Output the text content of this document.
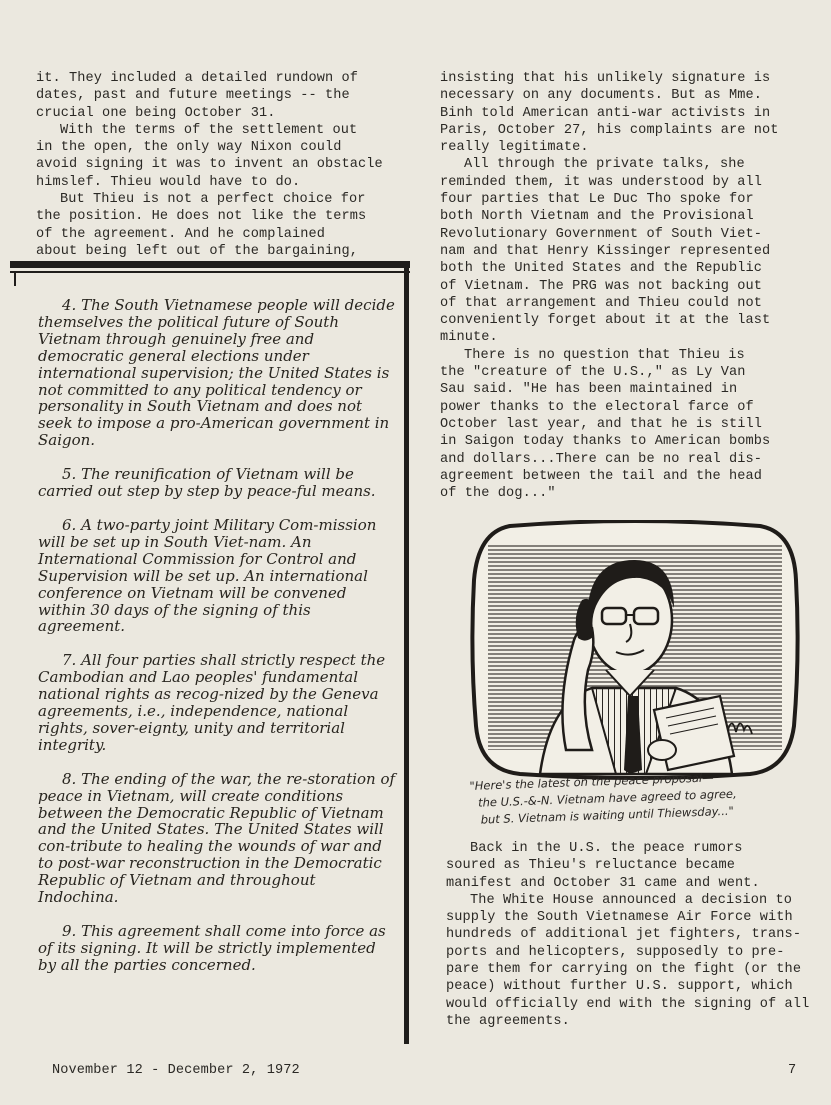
it. They included a detailed rundown of

dates, past and future meetings -- the

crucial one being October 31.

With the terms of the settlement out

in the open, the only way Nixon could

avoid signing it was to invent an obstacle

himslef. Thieu would have to do.

But Thieu is not a perfect choice for

the position. He does not like the terms

of the agreement. And he complained

about being left out of the bargaining,

4. The South Vietnamese people will decide themselves the political future of South Vietnam through genuinely free and democratic general elections under international supervision; the United States is not committed to any political tendency or personality in South Vietnam and does not seek to impose a pro-American government in Saigon.

5. The reunification of Vietnam will be carried out step by step by peace-ful means.

6. A two-party joint Military Com-mission will be set up in South Viet-nam. An International Commission for Control and Supervision will be set up. An international conference on Vietnam will be convened within 30 days of the signing of this agreement.

7. All four parties shall strictly respect the Cambodian and Lao peoples' fundamental national rights as recog-nized by the Geneva agreements, i.e., independence, national rights, sover-eignty, unity and territorial integrity.

8. The ending of the war, the re-storation of peace in Vietnam, will create conditions between the Democratic Republic of Vietnam and the United States. The United States will con-tribute to healing the wounds of war and to post-war reconstruction in the Democratic Republic of Vietnam and throughout Indochina.

9. This agreement shall come into force as of its signing. It will be strictly implemented by all the parties concerned.

insisting that his unlikely signature is

necessary on any documents. But as Mme.

Binh told American anti-war activists in

Paris, October 27, his complaints are not

really legitimate.

All through the private talks, she

reminded them, it was understood by all

four parties that Le Duc Tho spoke for

both North Vietnam and the Provisional

Revolutionary Government of South Viet-

nam and that Henry Kissinger represented

both the United States and the Republic

of Vietnam. The PRG was not backing out

of that arrangement and Thieu could not

conveniently forget about it at the last

minute.

There is no question that Thieu is

the "creature of the U.S.," as Ly Van

Sau said. "He has been maintained in

power thanks to the electoral farce of

October last year, and that he is still

in Saigon today thanks to American bombs

and dollars...There can be no real dis-

agreement between the tail and the head

of the dog..."

"Here's the latest on the peace proposal—
the U.S.-&-N. Vietnam have agreed to agree,
but S. Vietnam is waiting until Thiewsday..."

Back in the U.S. the peace rumors

soured as Thieu's reluctance became

manifest and October 31 came and went.

The White House announced a decision to

supply the South Vietnamese Air Force with

hundreds of additional jet fighters, trans-

ports and helicopters, supposedly to pre-

pare them for carrying on the fight (or the

peace) without further U.S. support, which

would officially end with the signing of all

the agreements.

November 12 - December 2, 1972	7
